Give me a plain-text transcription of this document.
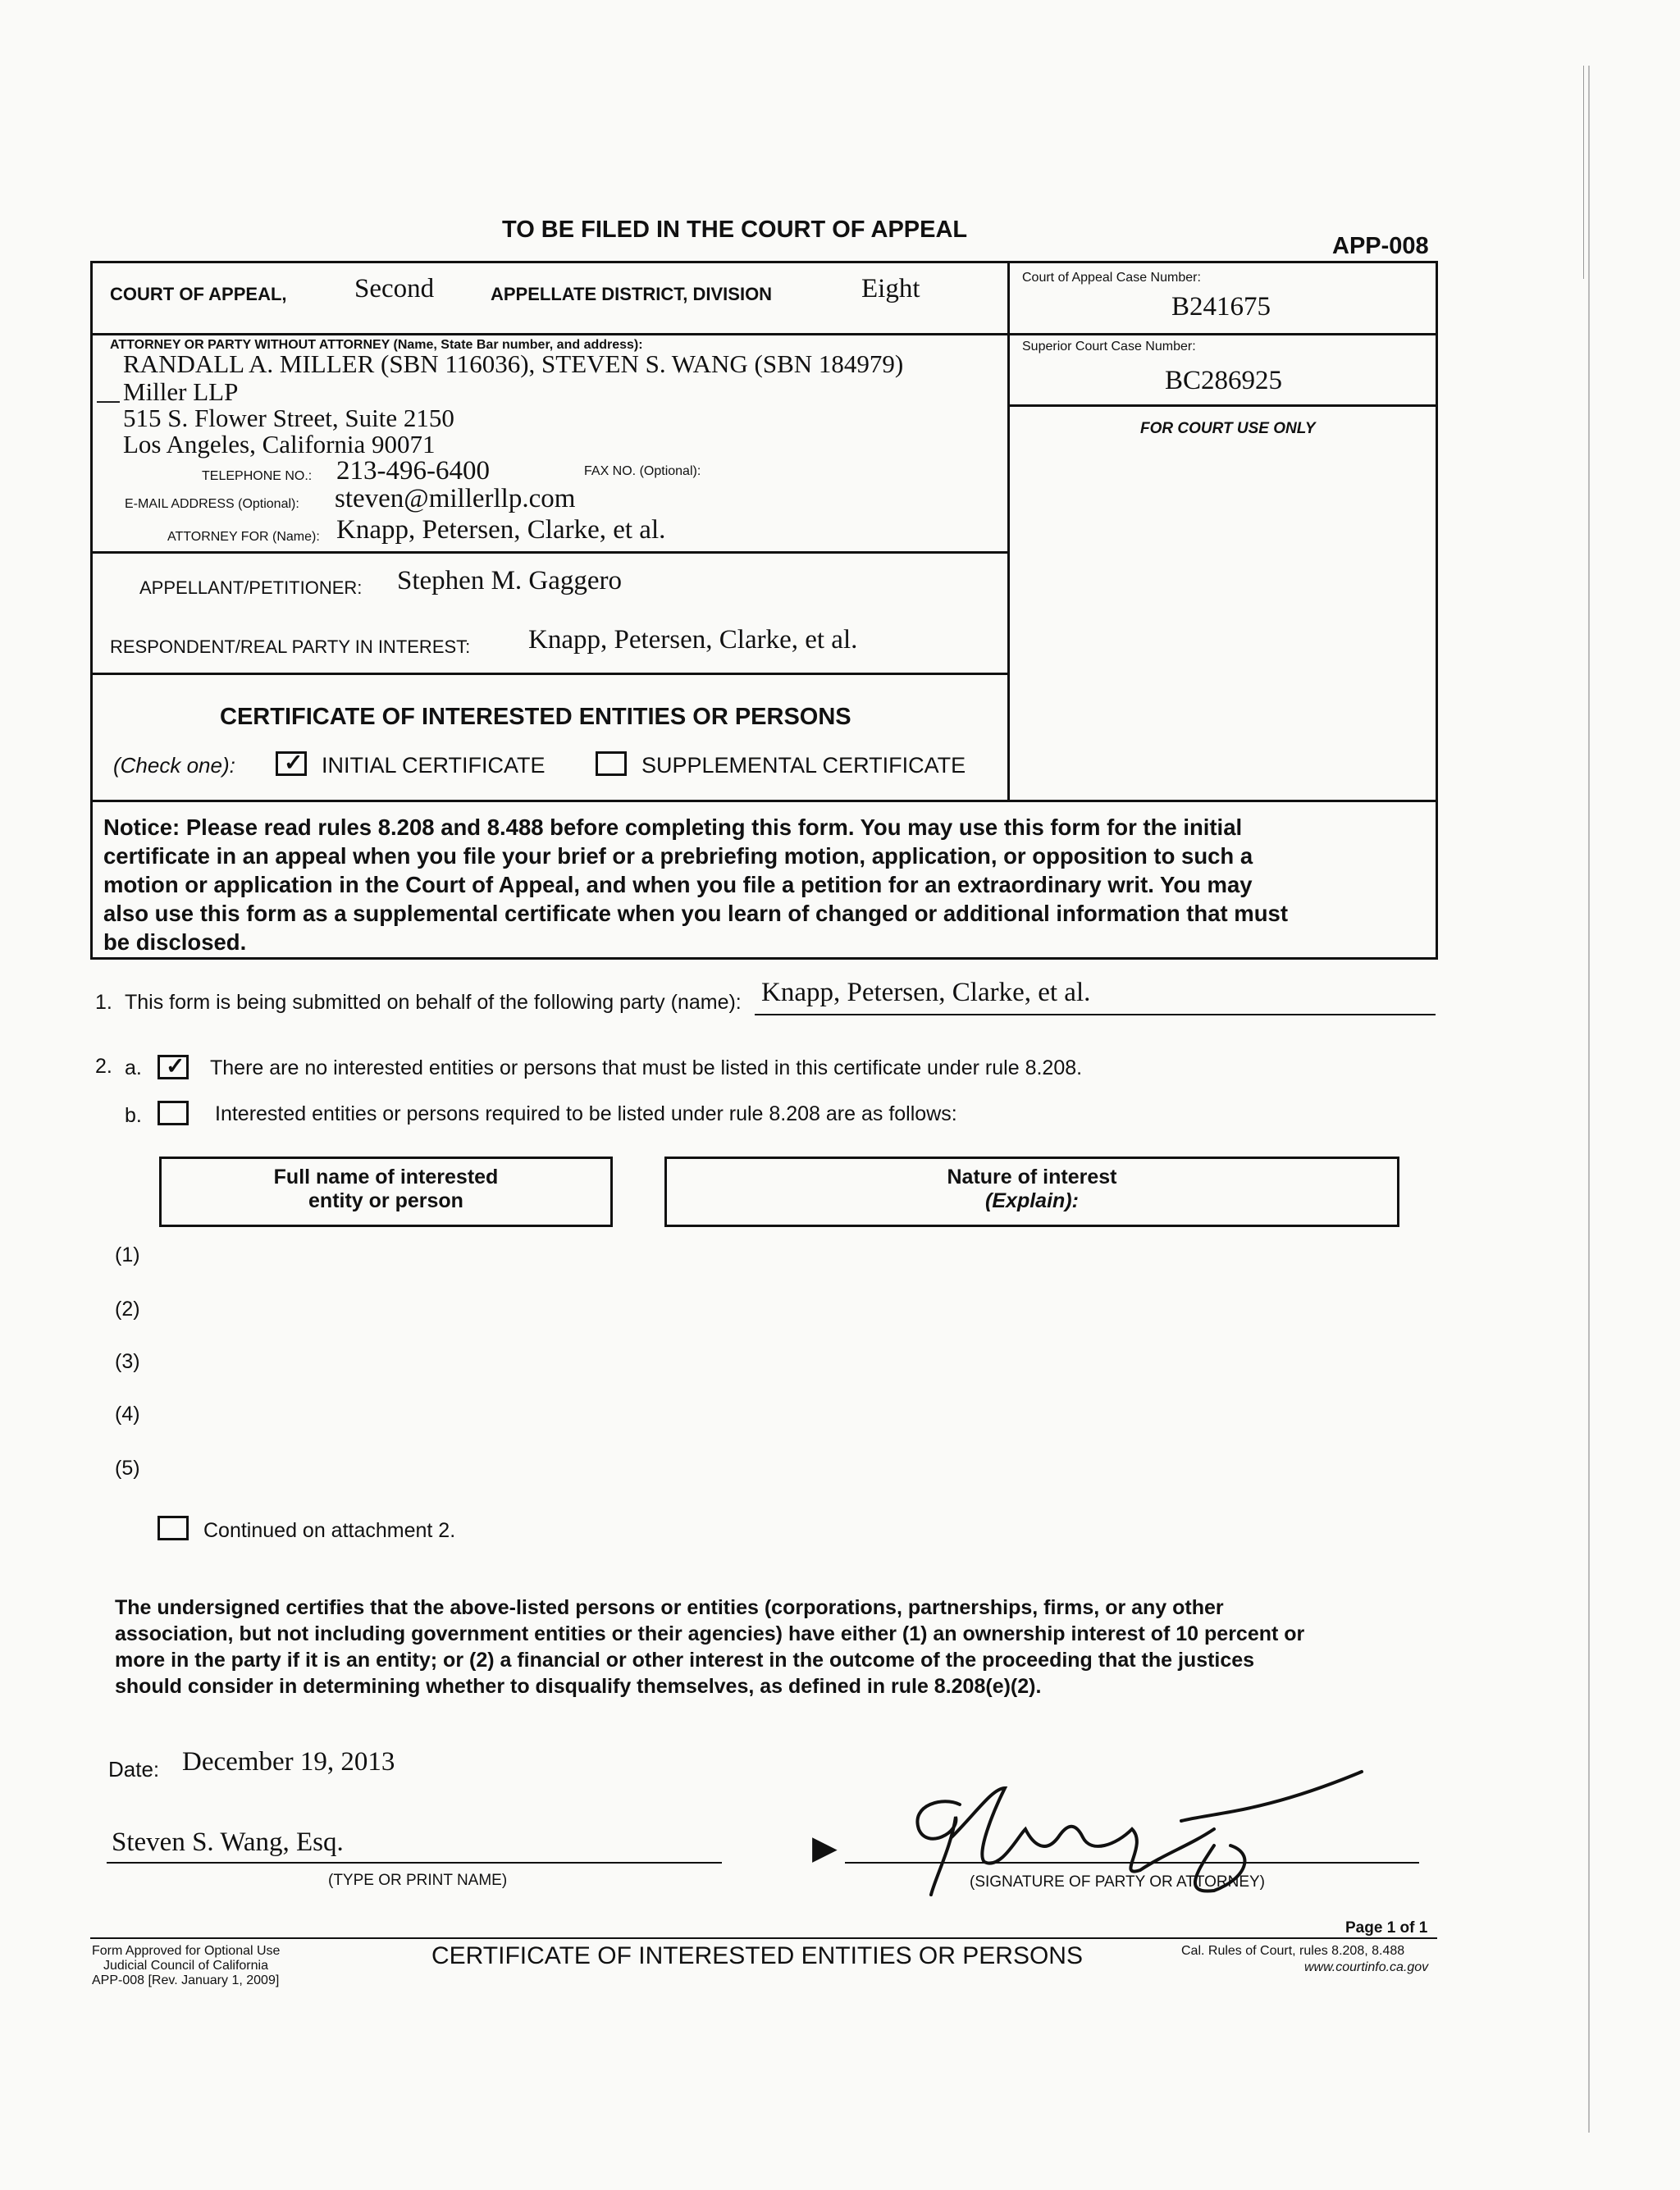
TO BE FILED IN THE COURT OF APPEAL
APP-008
COURT OF APPEAL, Second	APPELLATE DISTRICT, DIVISION	Eight	Court of Appeal Case Number:
B241675
Superior Court Case Number:
BC286925
FOR COURT USE ONLY
ATTORNEY OR PARTY WITHOUT ATTORNEY (Name, State Bar number, and address):
RANDALL A. MILLER (SBN 116036), STEVEN S. WANG (SBN 184979)
— Miller LLP
515 S. Flower Street, Suite 2150
Los Angeles, California 90071
TELEPHONE NO.: 213-496-6400	FAX NO. (Optional):
E-MAIL ADDRESS (Optional): steven@millerllp.com
ATTORNEY FOR (Name): Knapp, Petersen, Clarke, et al.
APPELLANT/PETITIONER: Stephen M. Gaggero
RESPONDENT/REAL PARTY IN INTEREST: Knapp, Petersen, Clarke, et al.
CERTIFICATE OF INTERESTED ENTITIES OR PERSONS
(Check one): ✓ INITIAL CERTIFICATE	SUPPLEMENTAL CERTIFICATE
Notice: Please read rules 8.208 and 8.488 before completing this form. You may use this form for the initial
certificate in an appeal when you file your brief or a prebriefing motion, application, or opposition to such a
motion or application in the Court of Appeal, and when you file a petition for an extraordinary writ. You may
also use this form as a supplemental certificate when you learn of changed or additional information that must
be disclosed.
1. This form is being submitted on behalf of the following party (name): Knapp, Petersen, Clarke, et al.
2. a. ✓ There are no interested entities or persons that must be listed in this certificate under rule 8.208.
b.	Interested entities or persons required to be listed under rule 8.208 are as follows:
Full name of interested
entity or person
Nature of interest
(Explain):
(1)
(2)
(3)
(4)
(5)
Continued on attachment 2.
The undersigned certifies that the above-listed persons or entities (corporations, partnerships, firms, or any other
association, but not including government entities or their agencies) have either (1) an ownership interest of 10 percent or
more in the party if it is an entity; or (2) a financial or other interest in the outcome of the proceeding that the justices
should consider in determining whether to disqualify themselves, as defined in rule 8.208(e)(2).
Date: December 19, 2013
Steven S. Wang, Esq.
(TYPE OR PRINT NAME)
▶
(SIGNATURE OF PARTY OR ATTORNEY)
Page 1 of 1
Form Approved for Optional Use
Judicial Council of California
APP-008 [Rev. January 1, 2009]
CERTIFICATE OF INTERESTED ENTITIES OR PERSONS	Cal. Rules of Court, rules 8.208, 8.488
www.courtinfo.ca.gov
